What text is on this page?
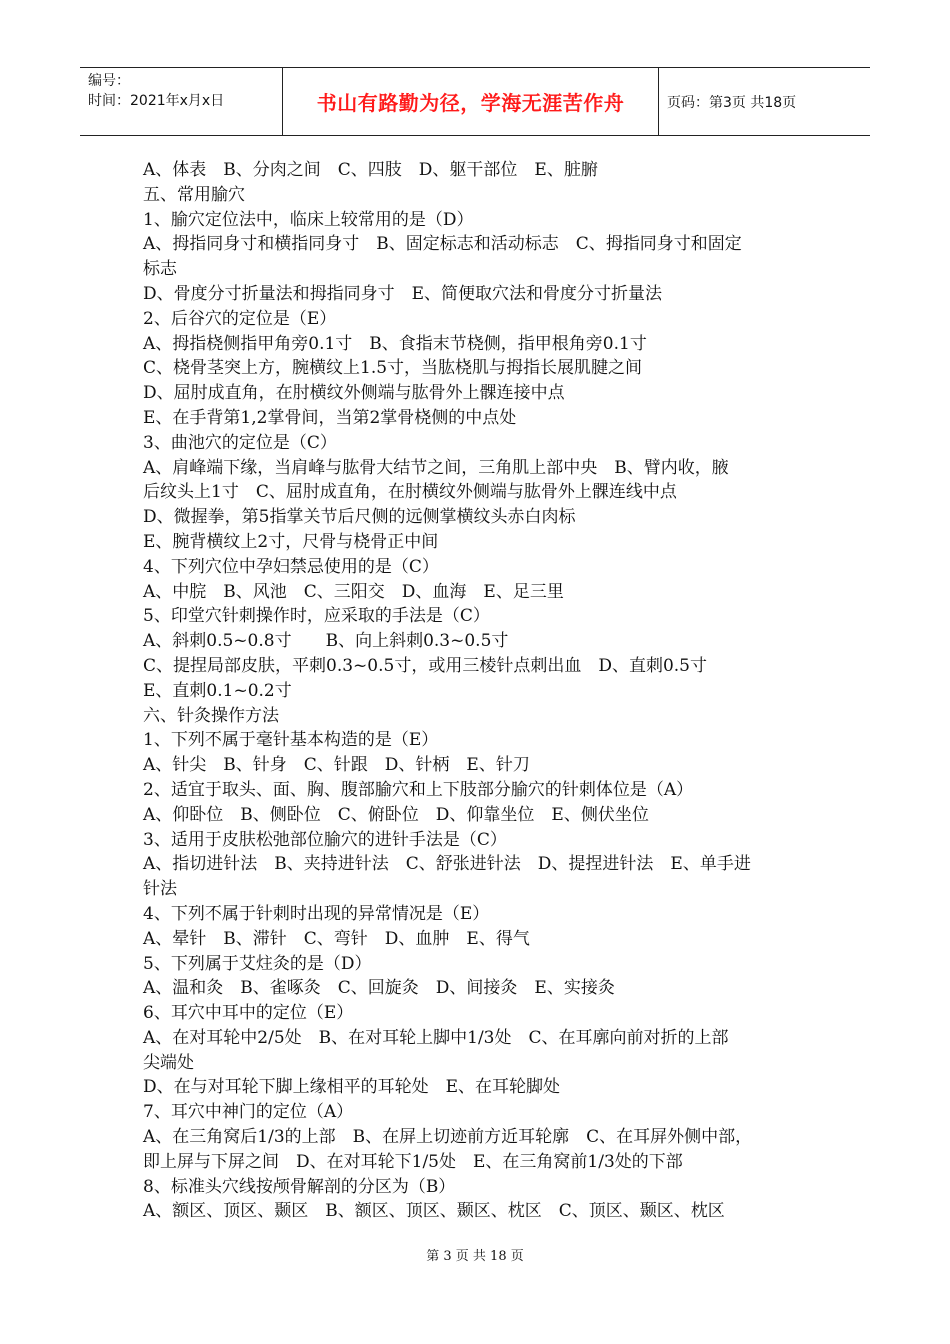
编号：
时间：2021年x月x日	书山有路勤为径，学海无涯苦作舟	页码：第3页 共18页
A、体表　B、分肉之间　C、四肢　D、躯干部位　E、脏腑
五、常用腧穴
1、腧穴定位法中，临床上较常用的是（D）
A、拇指同身寸和横指同身寸　B、固定标志和活动标志　C、拇指同身寸和固定
标志
D、骨度分寸折量法和拇指同身寸　E、简便取穴法和骨度分寸折量法
2、后谷穴的定位是（E）
A、拇指桡侧指甲角旁0.1寸　B、食指末节桡侧，指甲根角旁0.1寸
C、桡骨茎突上方，腕横纹上1.5寸，当肱桡肌与拇指长展肌腱之间
D、屈肘成直角，在肘横纹外侧端与肱骨外上髁连接中点
E、在手背第1,2掌骨间，当第2掌骨桡侧的中点处
3、曲池穴的定位是（C）
A、肩峰端下缘，当肩峰与肱骨大结节之间，三角肌上部中央　B、臂内收，腋
后纹头上1寸　C、屈肘成直角，在肘横纹外侧端与肱骨外上髁连线中点
D、微握拳，第5指掌关节后尺侧的远侧掌横纹头赤白肉标
E、腕背横纹上2寸，尺骨与桡骨正中间
4、下列穴位中孕妇禁忌使用的是（C）
A、中脘　B、风池　C、三阳交　D、血海　E、足三里
5、印堂穴针刺操作时，应采取的手法是（C）
A、斜刺0.5~0.8寸　　B、向上斜刺0.3~0.5寸
C、提捏局部皮肤，平刺0.3~0.5寸，或用三棱针点刺出血　D、直刺0.5寸
E、直刺0.1~0.2寸
六、针灸操作方法
1、下列不属于毫针基本构造的是（E）
A、针尖　B、针身　C、针跟　D、针柄　E、针刀
2、适宜于取头、面、胸、腹部腧穴和上下肢部分腧穴的针刺体位是（A）
A、仰卧位　B、侧卧位　C、俯卧位　D、仰靠坐位　E、侧伏坐位
3、适用于皮肤松弛部位腧穴的进针手法是（C）
A、指切进针法　B、夹持进针法　C、舒张进针法　D、提捏进针法　E、单手进
针法
4、下列不属于针刺时出现的异常情况是（E）
A、晕针　B、滞针　C、弯针　D、血肿　E、得气
5、下列属于艾炷灸的是（D）
A、温和灸　B、雀啄灸　C、回旋灸　D、间接灸　E、实接灸
6、耳穴中耳中的定位（E）
A、在对耳轮中2/5处　B、在对耳轮上脚中1/3处　C、在耳廓向前对折的上部
尖端处
D、在与对耳轮下脚上缘相平的耳轮处　E、在耳轮脚处
7、耳穴中神门的定位（A）
A、在三角窝后1/3的上部　B、在屏上切迹前方近耳轮廓　C、在耳屏外侧中部，
即上屏与下屏之间　D、在对耳轮下1/5处　E、在三角窝前1/3处的下部
8、标准头穴线按颅骨解剖的分区为（B）
A、额区、顶区、颞区　B、额区、顶区、颞区、枕区　C、顶区、颞区、枕区
第 3 页 共 18 页
